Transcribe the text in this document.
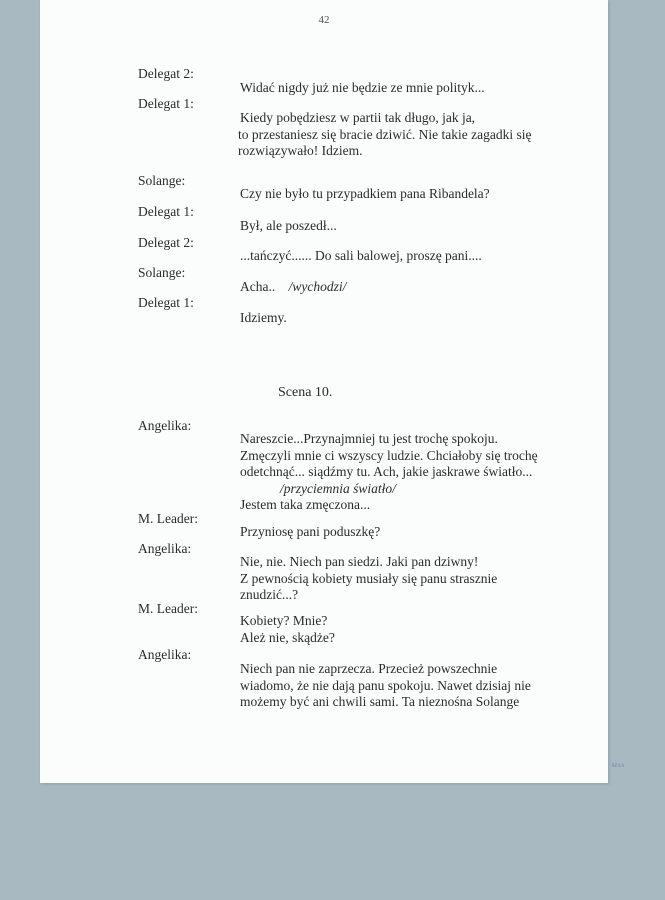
42
Delegat 2:
Delegat 1:
Solange:
Delegat 1:
Delegat 2:
Solange:
Delegat 1:
Angelika:
M. Leader:
Angelika:
M. Leader:
Angelika:
Widać nigdy już nie będzie ze mnie polityk...
Kiedy pobędziesz w partii tak długo, jak ja,
to przestaniesz się bracie dziwić. Nie takie zagadki się
rozwiązywało! Idziem.
Czy nie było tu przypadkiem pana Ribandela?
Był, ale poszedł...
...tańczyć...... Do sali balowej, proszę pani....
Acha.. /wychodzi/
Idziemy.
Scena 10.
Nareszcie...Przynajmniej tu jest trochę spokoju.
Zmęczyli mnie ci wszyscy ludzie. Chciałoby się trochę
odetchnąć... siądźmy tu. Ach, jakie jaskrawe światło...
/przyciemnia światło/
Jestem taka zmęczona...
Przyniosę pani poduszkę?
Nie, nie. Niech pan siedzi. Jaki pan dziwny!
Z pewnością kobiety musiały się panu strasznie
znudzić...?
Kobiety? Mnie?
Ależ nie, skądże?
Niech pan nie zaprzecza. Przecież powszechnie
wiadomo, że nie dają panu spokoju. Nawet dzisiaj nie
możemy być ani chwili sami. Ta nieznośna Solange
ᴹᴬᴬ
